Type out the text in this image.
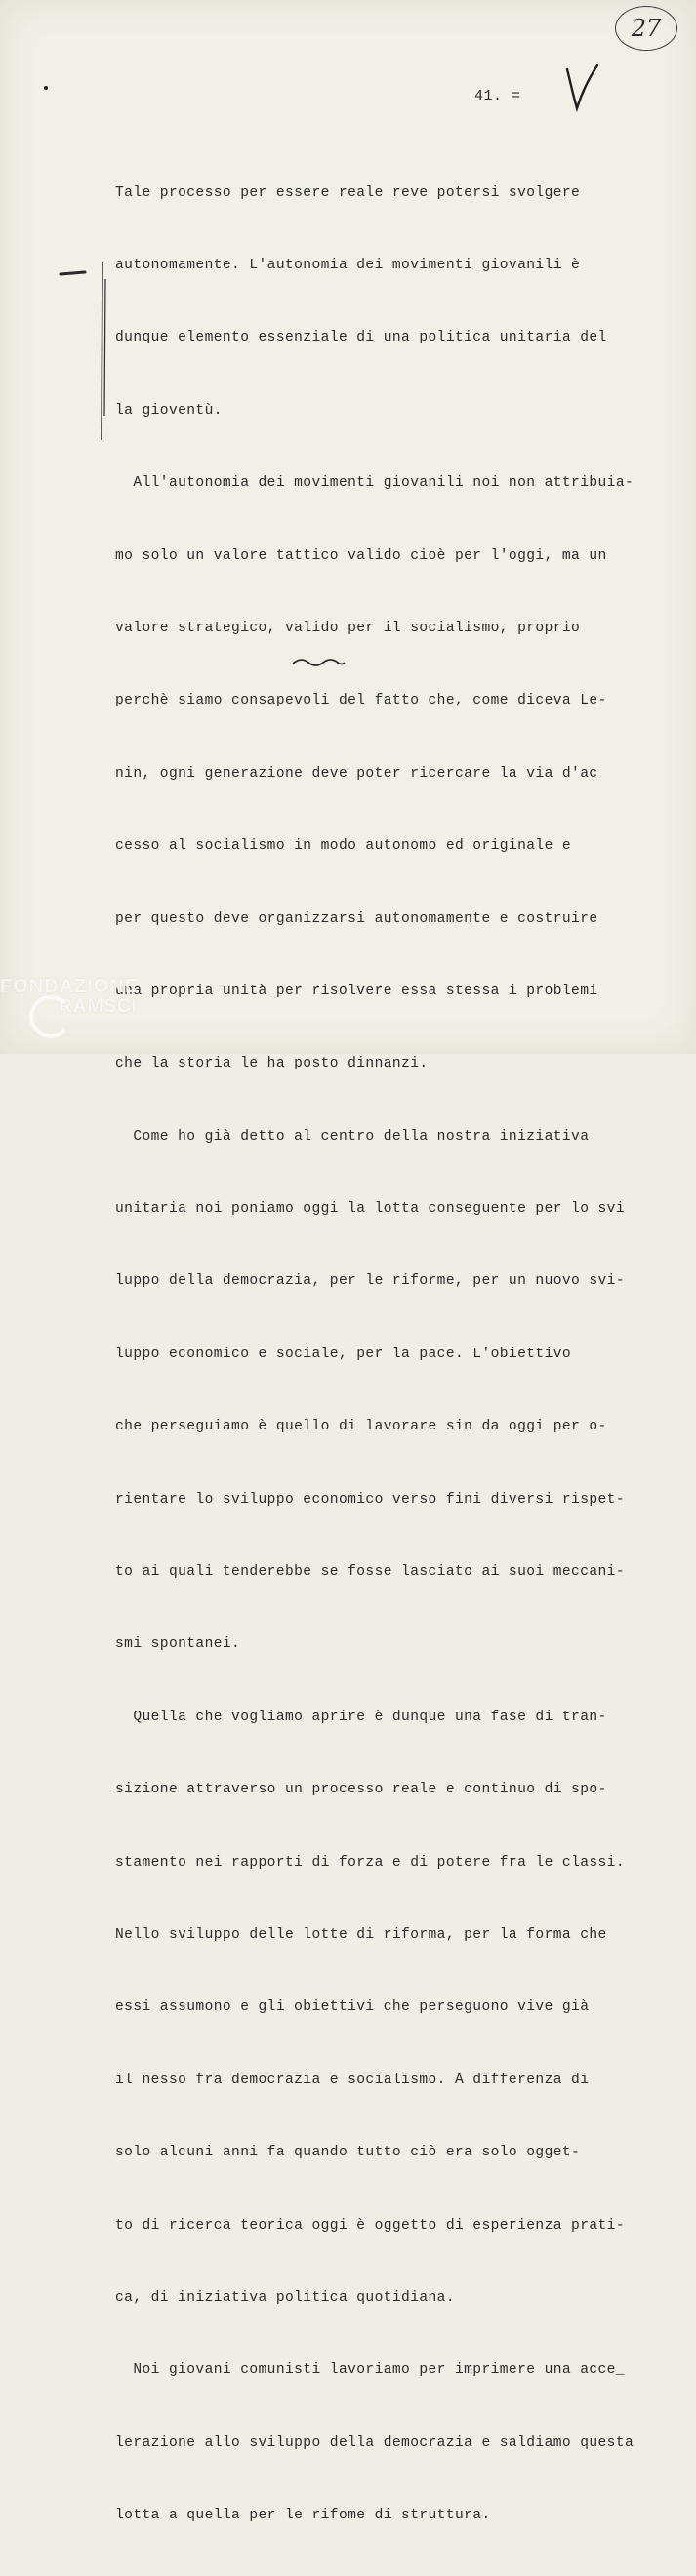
27
41. =

Tale processo per essere reale reve potersi svolgere

autonomamente. L'autonomia dei movimenti giovanili è

dunque elemento essenziale di una politica unitaria del

la gioventù.

All'autonomia dei movimenti giovanili noi non attribuia-

mo solo un valore tattico valido cioè per l'oggi, ma un

valore strategico, valido per il socialismo, proprio

perchè siamo consapevoli del fatto che, come diceva Le-

nin, ogni generazione deve poter ricercare la via d'ac

cesso al socialismo in modo autonomo ed originale e

per questo deve organizzarsi autonomamente e costruire

una propria unità per risolvere essa stessa i problemi

che la storia le ha posto dinnanzi.

Come ho già detto al centro della nostra iniziativa

unitaria noi poniamo oggi la lotta conseguente per lo svi

luppo della democrazia, per le riforme, per un nuovo svi-

luppo economico e sociale, per la pace. L'obiettivo

che perseguiamo è quello di lavorare sin da oggi per o-

rientare lo sviluppo economico verso fini diversi rispet-

to ai quali tenderebbe se fosse lasciato ai suoi meccani-

smi spontanei.

Quella che vogliamo aprire è dunque una fase di tran-

sizione attraverso un processo reale e continuo di spo-

stamento nei rapporti di forza e di potere fra le classi.

Nello sviluppo delle lotte di riforma, per la forma che

essi assumono e gli obiettivi che perseguono vive già

il nesso fra democrazia e socialismo. A differenza di

solo alcuni anni fa quando tutto ciò era solo ogget-

to di ricerca teorica oggi è oggetto di esperienza prati-

ca, di iniziativa politica quotidiana.

Noi giovani comunisti lavoriamo per imprimere una acce_

lerazione allo sviluppo della democrazia e saldiamo questa

lotta a quella per le rifome di struttura.

FONDAZIONE
RAMSCI
